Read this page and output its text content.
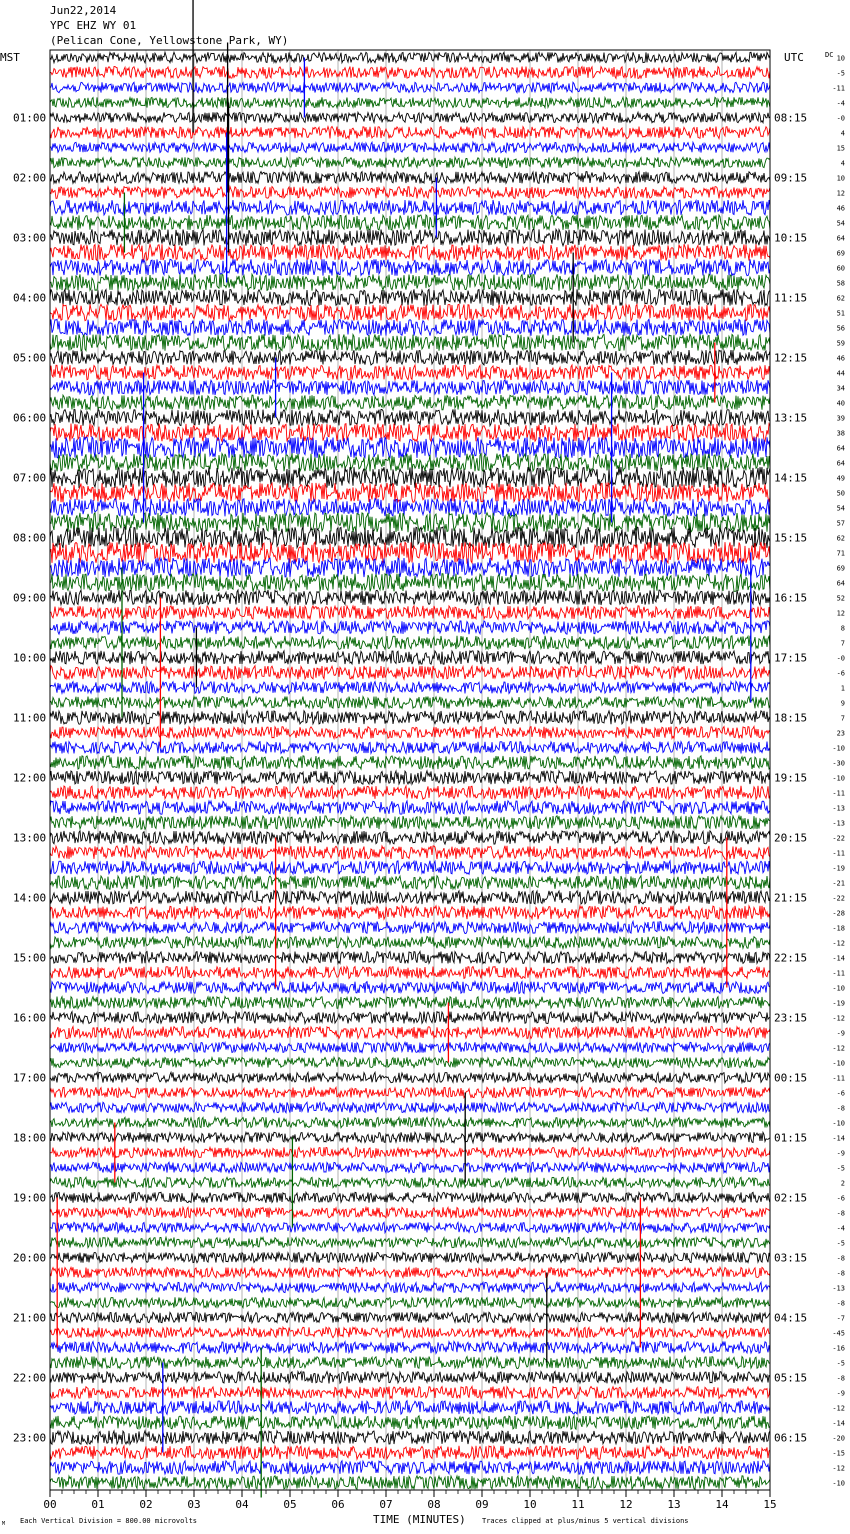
Jun22,2014
YPC EHZ WY 01
(Pelican Cone, Yellowstone Park, WY)
01:00
02:00
03:00
04:00
05:00
06:00
07:00
08:00
09:00
10:00
11:00
12:00
13:00
14:00
15:00
16:00
17:00
18:00
19:00
20:00
21:00
22:00
23:00
08:15
09:15
10:15
11:15
12:15
13:15
14:15
15:15
16:15
17:15
18:15
19:15
20:15
21:15
22:15
23:15
00:15
01:15
02:15
03:15
04:15
05:15
06:15
10
-5
-11
-4
-0
4
15
4
10
12
46
54
64
69
60
58
62
51
56
59
46
44
34
40
39
38
64
64
49
50
54
57
62
71
69
64
52
12
8
7
-0
-6
1
9
7
23
-10
-30
-10
-11
-13
-13
-22
-11
-19
-21
-22
-28
-18
-12
-14
-11
-10
-19
-12
-9
-12
-10
-11
-6
-8
-10
-14
-9
-5
2
-6
-8
-4
-5
-8
-8
-13
-8
-7
-45
-16
-5
-8
-9
-12
-14
-20
-15
-12
-10
00	01	02	03	04	05	06	07	08	09	10	11	12	13	14	15
MST	UTC	DC
TIME (MINUTES)
Each Vertical Division = 800.00 microvolts	Traces clipped at plus/minus 5 vertical divisions
M
